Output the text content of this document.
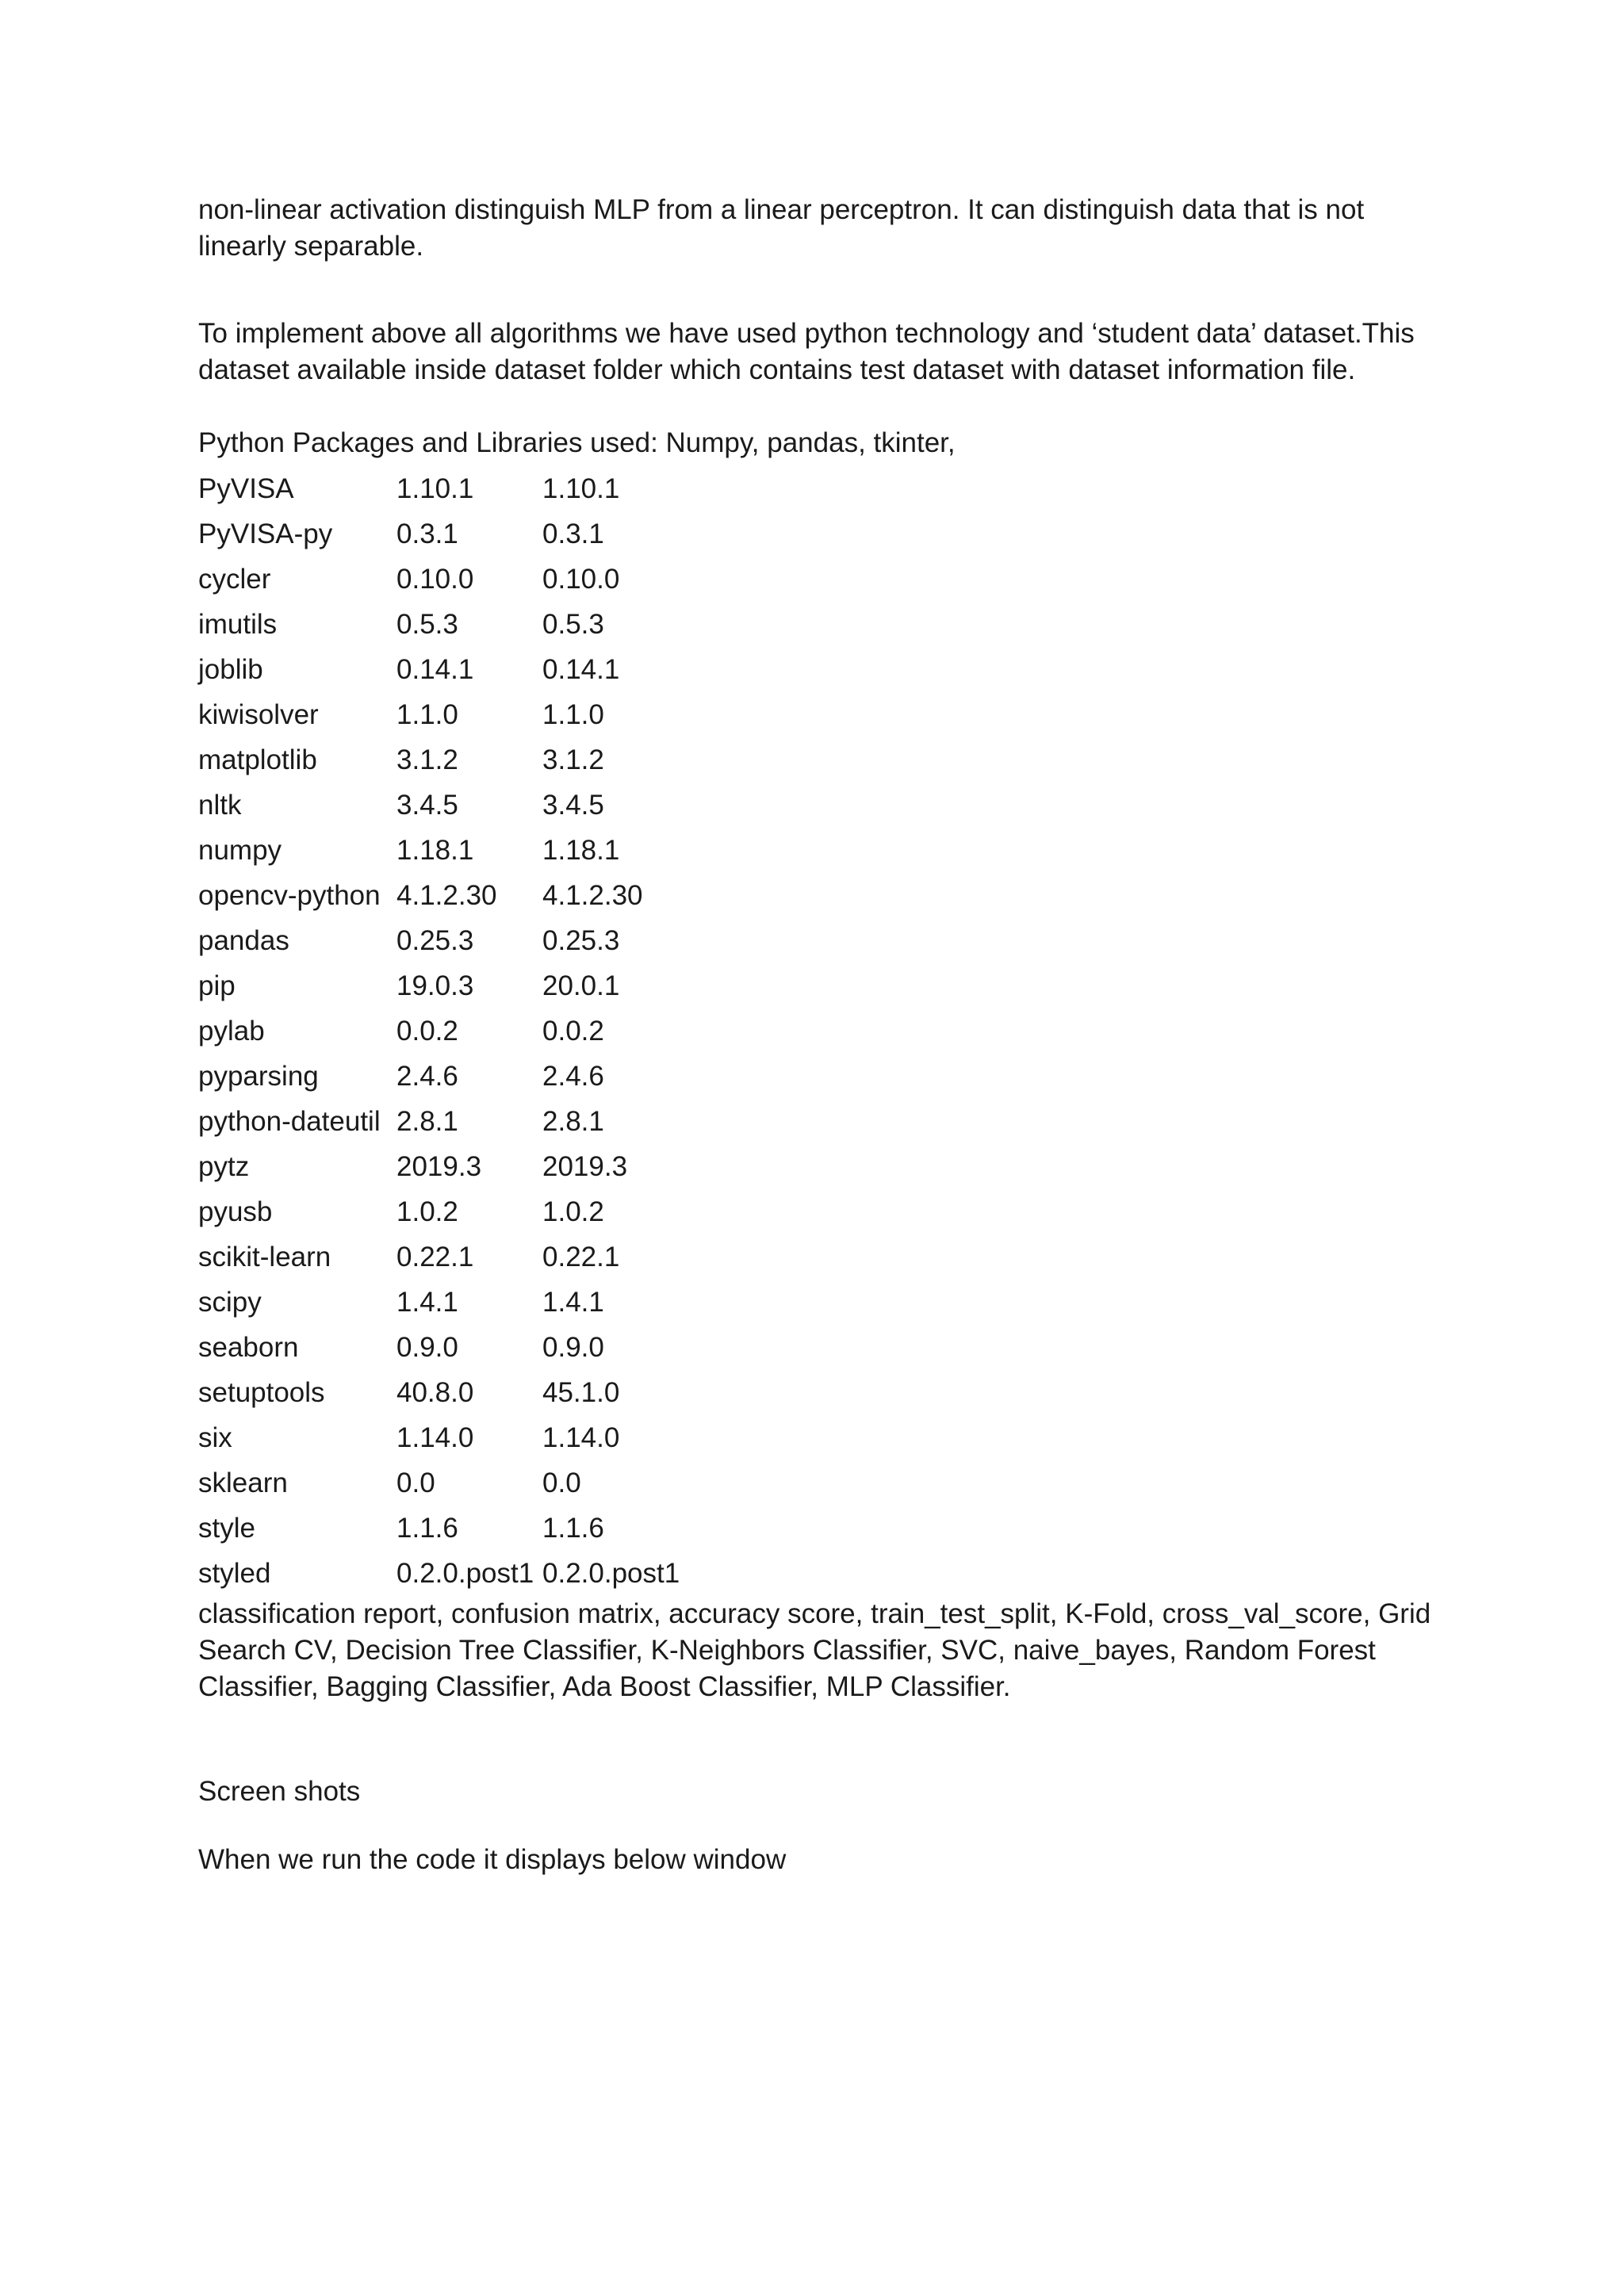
non-linear activation distinguish MLP from a linear perceptron. It can distinguish data that is not linearly separable.

To implement above all algorithms we have used python technology and ‘student data’ dataset.This dataset available inside dataset folder which contains test dataset with dataset information file.

Python Packages and Libraries used: Numpy, pandas, tkinter,

PyVISA	1.10.1	1.10.1
PyVISA-py	0.3.1	0.3.1
cycler	0.10.0	0.10.0
imutils	0.5.3	0.5.3
joblib	0.14.1	0.14.1
kiwisolver	1.1.0	1.1.0
matplotlib	3.1.2	3.1.2
nltk	3.4.5	3.4.5
numpy	1.18.1	1.18.1
opencv-python	4.1.2.30	4.1.2.30
pandas	0.25.3	0.25.3
pip	19.0.3	20.0.1
pylab	0.0.2	0.0.2
pyparsing	2.4.6	2.4.6
python-dateutil	2.8.1	2.8.1
pytz	2019.3	2019.3
pyusb	1.0.2	1.0.2
scikit-learn	0.22.1	0.22.1
scipy	1.4.1	1.4.1
seaborn	0.9.0	0.9.0
setuptools	40.8.0	45.1.0
six	1.14.0	1.14.0
sklearn	0.0	0.0
style	1.1.6	1.1.6
styled	0.2.0.post1	0.2.0.post1

classification report, confusion matrix, accuracy score, train_test_split, K-Fold, cross_val_score, Grid Search CV, Decision Tree Classifier, K-Neighbors Classifier, SVC, naive_bayes, Random Forest Classifier, Bagging Classifier, Ada Boost Classifier, MLP Classifier.

Screen shots

When we run the code it displays below window
